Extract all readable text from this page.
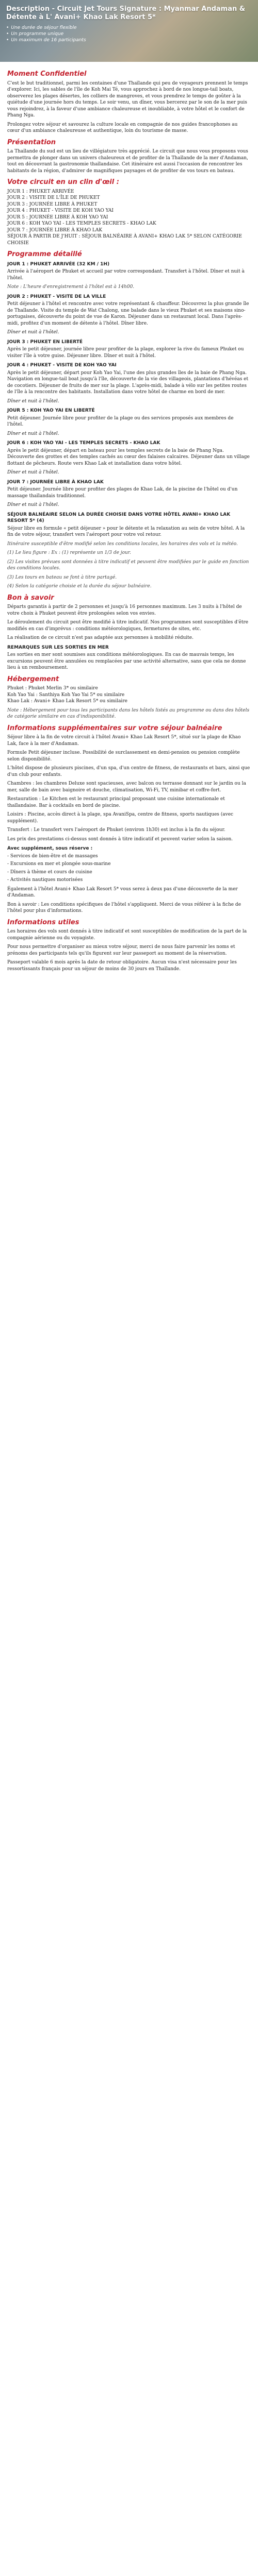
Description - Circuit Jet Tours Signature : Myanmar Andaman & Détente à L' Avani+ Khao Lak Resort 5*
• Une durée de séjour flexible
• Un programme unique
• Un maximum de 16 participants
Moment Confidentiel

C'est le but traditionnel, parmi les centaines d'une Thaïlande qui peu de voyageurs prennent le temps d'explorer. Ici, les sables de l'île de Koh Mai Té, vous approchez à bord de nos longue-tail boats, observerez les plages désertes, les colliers de mangroves, et vous prendrez le temps de goûter à la quiétude d'une journée hors du temps. Le soir venu, un dîner, vous bercerez par le son de la mer puis vous rejoindrez, à la faveur d'une ambiance chaleureuse et inoubliable, à votre hôtel et le confort de Phang Nga.

Prolongez votre séjour et savourez la culture locale en compagnie de nos guides francophones au cœur d'un ambiance chaleureuse et authentique, loin du tourisme de masse.

Présentation

La Thaïlande du sud est un lieu de villégiature très apprécié. Le circuit que nous vous proposons vous permettra de plonger dans un univers chaleureux et de profiter de la Thaïlande de la mer d'Andaman, tout en découvrant la gastronomie thaïlandaise. Cet itinéraire est aussi l'occasion de rencontrer les habitants de la région, d'admirer de magnifiques paysages et de profiter de vos tours en bateau.

Votre circuit en un clin d'œil :
JOUR 1 : PHUKET ARRIVÉE
JOUR 2 : VISITE DE L'ÎLE DE PHUKET
JOUR 3 : JOURNÉE LIBRE À PHUKET
JOUR 4 : PHUKET - VISITE DE KOH YAO YAI
JOUR 5 : JOURNÉE LIBRE À KOH YAO YAI
JOUR 6 : KOH YAO YAI - LES TEMPLES SECRETS - KHAO LAK
JOUR 7 : JOURNÉE LIBRE À KHAO LAK
SÉJOUR À PARTIR DE J'HUIT : SÉJOUR BALNÉAIRE À AVANI+ KHAO LAK 5* SELON CATÉGORIE CHOISIE
Programme détaillé
JOUR 1 : PHUKET ARRIVÉE (32 KM / 1H)

Arrivée à l'aéroport de Phuket et accueil par votre correspondant. Transfert à l'hôtel. Dîner et nuit à l'hôtel.

Note : L'heure d'enregistrement à l'hôtel est à 14h00.

JOUR 2 : PHUKET - VISITE DE LA VILLE

Petit déjeuner à l'hôtel et rencontre avec votre représentant & chauffeur. Découvrez la plus grande île de Thaïlande. Visite du temple de Wat Chalong, une balade dans le vieux Phuket et ses maisons sino-portugaises, découverte du point de vue de Karon. Déjeuner dans un restaurant local. Dans l'après-midi, profitez d'un moment de détente à l'hôtel. Dîner libre.

Dîner et nuit à l'hôtel.

JOUR 3 : PHUKET EN LIBERTÉ

Après le petit déjeuner, journée libre pour profiter de la plage, explorer la rive du fameux Phuket ou visiter l'île à votre guise. Déjeuner libre. Dîner et nuit à l'hôtel.

JOUR 4 : PHUKET - VISITE DE KOH YAO YAI

Après le petit déjeuner, départ pour Koh Yao Yai, l'une des plus grandes îles de la baie de Phang Nga. Navigation en longue-tail boat jusqu'à l'île, découverte de la vie des villageois, plantations d'hévéas et de cocotiers. Déjeuner de fruits de mer sur la plage. L'après-midi, balade à vélo sur les petites routes de l'île à la rencontre des habitants. Installation dans votre hôtel de charme en bord de mer.

Dîner et nuit à l'hôtel.

JOUR 5 : KOH YAO YAI EN LIBERTÉ

Petit déjeuner. Journée libre pour profiter de la plage ou des services proposés aux membres de l'hôtel.

Dîner et nuit à l'hôtel.

JOUR 6 : KOH YAO YAI - LES TEMPLES SECRETS - KHAO LAK

Après le petit déjeuner, départ en bateau pour les temples secrets de la baie de Phang Nga. Découverte des grottes et des temples cachés au cœur des falaises calcaires. Déjeuner dans un village flottant de pêcheurs. Route vers Khao Lak et installation dans votre hôtel.

Dîner et nuit à l'hôtel.

JOUR 7 : JOURNÉE LIBRE À KHAO LAK

Petit déjeuner. Journée libre pour profiter des plages de Khao Lak, de la piscine de l'hôtel ou d'un massage thaïlandais traditionnel.

Dîner et nuit à l'hôtel.

SÉJOUR BALNÉAIRE SELON LA DURÉE CHOISIE DANS VOTRE HÔTEL AVANI+ KHAO LAK RESORT 5* (4)

Séjour libre en formule « petit déjeuner » pour le détente et la relaxation au sein de votre hôtel. A la fin de votre séjour, transfert vers l'aéroport pour votre vol retour.

Itinéraire susceptible d'être modifié selon les conditions locales, les horaires des vols et la météo.

(1) Le lieu figure : Ex : (1) représente un 1/3 de jour.

(2) Les visites prévues sont données à titre indicatif et peuvent être modifiées par le guide en fonction des conditions locales.

(3) Les tours en bateau se font à titre partagé.

(4) Selon la catégorie choisie et la durée du séjour balnéaire.

Bon à savoir

Départs garantis à partir de 2 personnes et jusqu'à 16 personnes maximum. Les 3 nuits à l'hôtel de votre choix à Phuket peuvent être prolongées selon vos envies.

Le déroulement du circuit peut être modifié à titre indicatif. Nos programmes sont susceptibles d'être modifiés en cas d'imprévus : conditions météorologiques, fermetures de sites, etc.

La réalisation de ce circuit n'est pas adaptée aux personnes à mobilité réduite.

REMARQUES SUR LES SORTIES EN MER

Les sorties en mer sont soumises aux conditions météorologiques. En cas de mauvais temps, les excursions peuvent être annulées ou remplacées par une activité alternative, sans que cela ne donne lieu à un remboursement.

Hébergement
Phuket : Phuket Merlin 3* ou similaire
Koh Yao Yai : Santhiya Koh Yao Yai 5* ou similaire
Khao Lak : Avani+ Khao Lak Resort 5* ou similaire

Note : Hébergement pour tous les participants dans les hôtels listés au programme ou dans des hôtels de catégorie similaire en cas d'indisponibilité.

Informations supplémentaires sur votre séjour balnéaire

Séjour libre à la fin de votre circuit à l'hôtel Avani+ Khao Lak Resort 5*, situé sur la plage de Khao Lak, face à la mer d'Andaman.

Formule Petit déjeuner incluse. Possibilité de surclassement en demi-pension ou pension complète selon disponibilité.

L'hôtel dispose de plusieurs piscines, d'un spa, d'un centre de fitness, de restaurants et bars, ainsi que d'un club pour enfants.

Chambres : les chambres Deluxe sont spacieuses, avec balcon ou terrasse donnant sur le jardin ou la mer, salle de bain avec baignoire et douche, climatisation, Wi-Fi, TV, minibar et coffre-fort.

Restauration : Le Kitchen est le restaurant principal proposant une cuisine internationale et thaïlandaise. Bar à cocktails en bord de piscine.

Loisirs : Piscine, accès direct à la plage, spa AvaniSpa, centre de fitness, sports nautiques (avec supplément).

Transfert : Le transfert vers l'aéroport de Phuket (environ 1h30) est inclus à la fin du séjour.

Les prix des prestations ci-dessus sont donnés à titre indicatif et peuvent varier selon la saison.

Avec supplément, sous réserve :
- Services de bien-être et de massages
- Excursions en mer et plongée sous-marine
- Dîners à thème et cours de cuisine
- Activités nautiques motorisées

Également à l'hôtel Avani+ Khao Lak Resort 5* vous serez à deux pas d'une découverte de la mer d'Andaman.

Bon à savoir : Les conditions spécifiques de l'hôtel s'appliquent. Merci de vous référer à la fiche de l'hôtel pour plus d'informations.

Informations utiles

Les horaires des vols sont donnés à titre indicatif et sont susceptibles de modification de la part de la compagnie aérienne ou du voyagiste.

Pour nous permettre d'organiser au mieux votre séjour, merci de nous faire parvenir les noms et prénoms des participants tels qu'ils figurent sur leur passeport au moment de la réservation.

Passeport valable 6 mois après la date de retour obligatoire. Aucun visa n'est nécessaire pour les ressortissants français pour un séjour de moins de 30 jours en Thaïlande.
